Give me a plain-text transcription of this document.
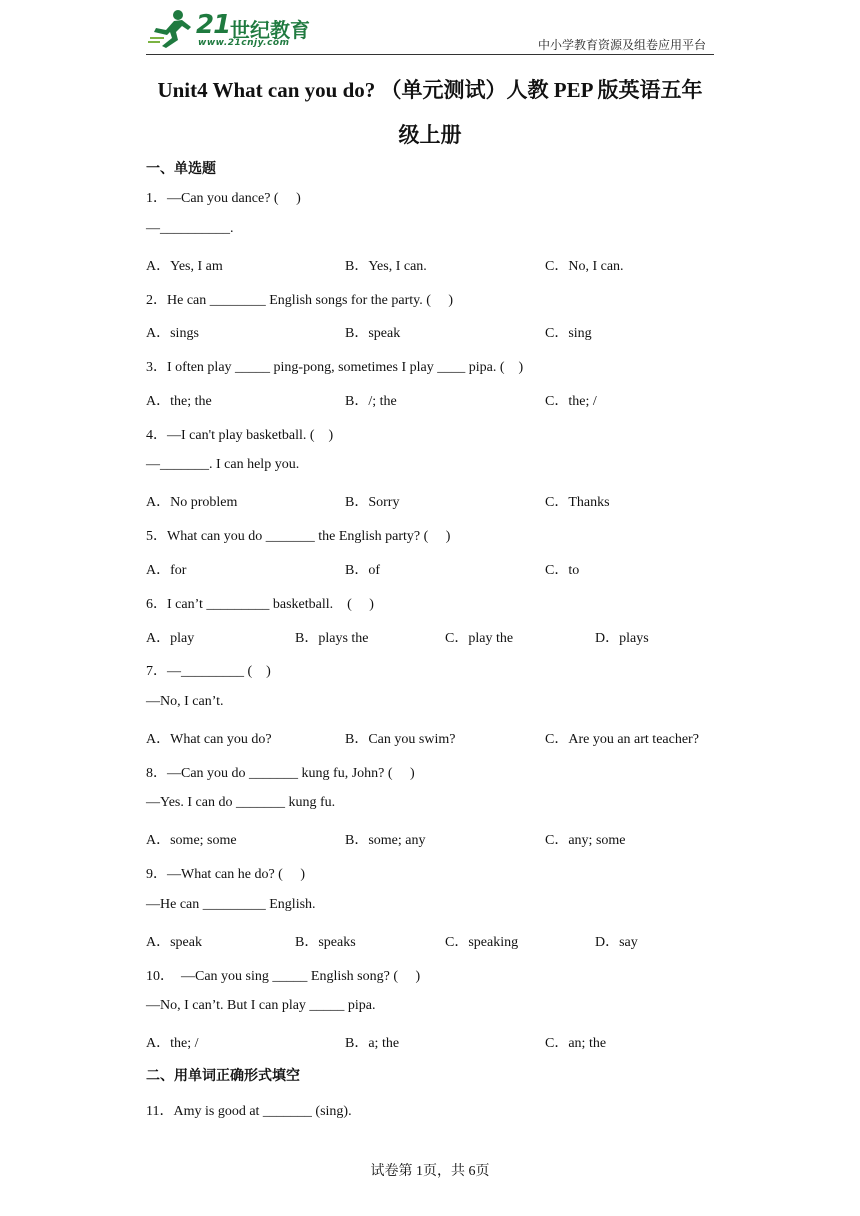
21 世纪教育
www.21cnjy.com	中小学教育资源及组卷应用平台
Unit4 What can you do? （单元测试）人教 PEP 版英语五年
级上册
一、单选题
1．—Can you dance? (     )
—__________.
A．Yes, I am	B．Yes, I can.	C．No, I can.
2．He can ________ English songs for the party. (     )
A．sings	B．speak	C．sing
3．I often play _____ ping-pong, sometimes I play ____ pipa. (    )
A．the; the	B．/; the	C．the; /
4．—I can't play basketball. (    )
—_______. I can help you.
A．No problem	B．Sorry	C．Thanks
5．What can you do _______ the English party? (     )
A．for	B．of	C．to
6．I can’t _________ basketball.    (     )
A．play	B．plays the	C．play the	D．plays
7．—_________ (    )
—No, I can’t.
A．What can you do?	B．Can you swim?	C．Are you an art teacher?
8．—Can you do _______ kung fu, John? (     )
—Yes. I can do _______ kung fu.
A．some; some	B．some; any	C．any; some
9．—What can he do? (     )
—He can _________ English.
A．speak	B．speaks	C．speaking	D．say
10．  —Can you sing _____ English song? (     )
—No, I can’t. But I can play _____ pipa.
A．the; /	B．a; the	C．an; the
二、用单词正确形式填空
11．Amy is good at _______ (sing).
试卷第 1页，共 6页
